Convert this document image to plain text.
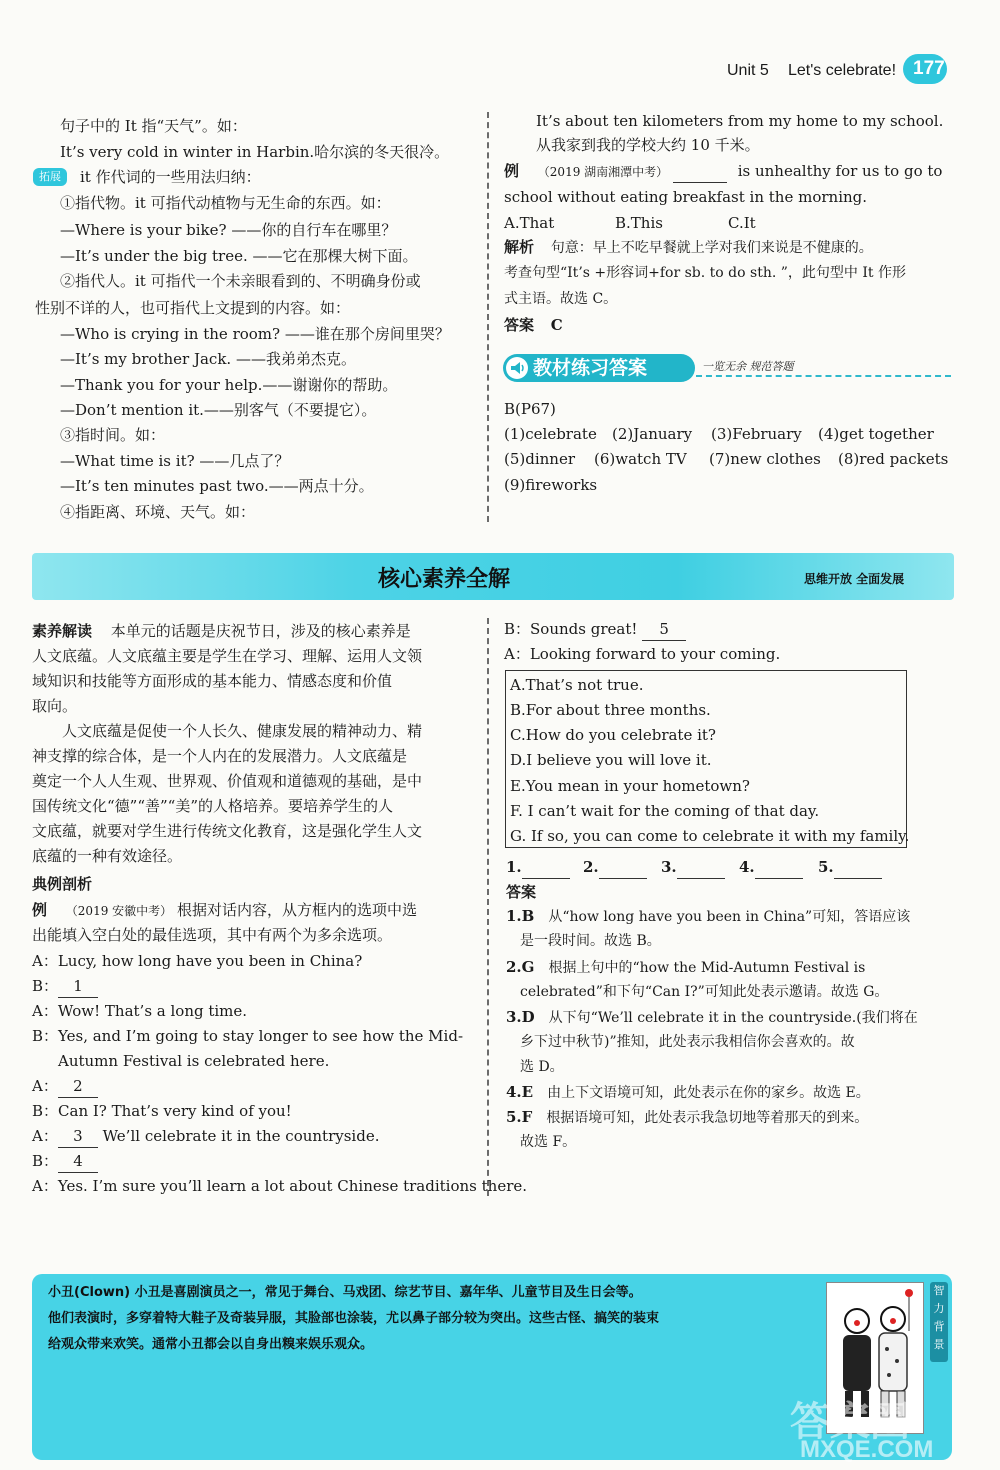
Unit 5 Let's celebrate! 177
句子中的 It 指“天气”。如：
It’s very cold in winter in Harbin.哈尔滨的冬天很冷。
拓展	it 作代词的一些用法归纳：
①指代物。it 可指代动植物与无生命的东西。如：
—Where is your bike? ——你的自行车在哪里？
—It’s under the big tree. ——它在那棵大树下面。
②指代人。it 可指代一个未亲眼看到的、不明确身份或
性别不详的人，也可指代上文提到的内容。如：
—Who is crying in the room? ——谁在那个房间里哭？
—It’s my brother Jack. ——我弟弟杰克。
—Thank you for your help.——谢谢你的帮助。
—Don’t mention it.——别客气（不要提它）。
③指时间。如：
—What time is it? ——几点了？
—It’s ten minutes past two.——两点十分。
④指距离、环境、天气。如：
It’s about ten kilometers from my home to my school.
从我家到我的学校大约 10 千米。
例 （2019 湖南湘潭中考）	is unhealthy for us to go to
school without eating breakfast in the morning.
A.That	B.This	C.It
解析 句意：早上不吃早餐就上学对我们来说是不健康的。
考查句型“It’s +形容词+for sb. to do sth. ”，此句型中 It 作形
式主语。故选 C。
答案 C
教材练习答案	一览无余 规范答题
B(P67)
(1)celebrate (2)January (3)February (4)get together
(5)dinner (6)watch TV (7)new clothes (8)red packets
(9)fireworks
核心素养全解	思维开放 全面发展
素养解读 本单元的话题是庆祝节日，涉及的核心素养是
人文底蕴。人文底蕴主要是学生在学习、理解、运用人文领
域知识和技能等方面形成的基本能力、情感态度和价值
取向。
人文底蕴是促使一个人长久、健康发展的精神动力、精
神支撑的综合体，是一个人内在的发展潜力。人文底蕴是
奠定一个人人生观、世界观、价值观和道德观的基础，是中
国传统文化“德”“善”“美”的人格培养。要培养学生的人
文底蕴，就要对学生进行传统文化教育，这是强化学生人文
底蕴的一种有效途径。
典例剖析
例 （2019 安徽中考） 根据对话内容，从方框内的选项中选
出能填入空白处的最佳选项，其中有两个为多余选项。
A：Lucy, how long have you been in China?
B： 1
A：Wow! That’s a long time.
B：Yes, and I’m going to stay longer to see how the Mid-
Autumn Festival is celebrated here.
A： 2
B：Can I? That’s very kind of you!
A： 3 We’ll celebrate it in the countryside.
B： 4
A：Yes. I’m sure you’ll learn a lot about Chinese traditions there.
B：Sounds great! 5
A：Looking forward to your coming.
A.That’s not true.
B.For about three months.
C.How do you celebrate it?
D.I believe you will love it.
E.You mean in your hometown?
F. I can’t wait for the coming of that day.
G. If so, you can come to celebrate it with my family.
1.	2.	3.	4.	5.
答案
1.B 从“how long have you been in China”可知，答语应该
是一段时间。故选 B。
2.G 根据上句中的“how the Mid-Autumn Festival is
celebrated”和下句“Can I?”可知此处表示邀请。故选 G。
3.D 从下句“We’ll celebrate it in the countryside.(我们将在
乡下过中秋节)”推知，此处表示我相信你会喜欢的。故
选 D。
4.E 由上下文语境可知，此处表示在你的家乡。故选 E。
5.F 根据语境可知，此处表示我急切地等着那天的到来。
故选 F。
小丑(Clown) 小丑是喜剧演员之一，常见于舞台、马戏团、综艺节目、嘉年华、儿童节目及生日会等。
他们表演时，多穿着特大鞋子及奇装异服，其脸部也涂装，尤以鼻子部分较为突出。这些古怪、搞笑的装束
给观众带来欢笑。通常小丑都会以自身出糗来娱乐观众。
智力背景
答案圈
MXQE.COM
